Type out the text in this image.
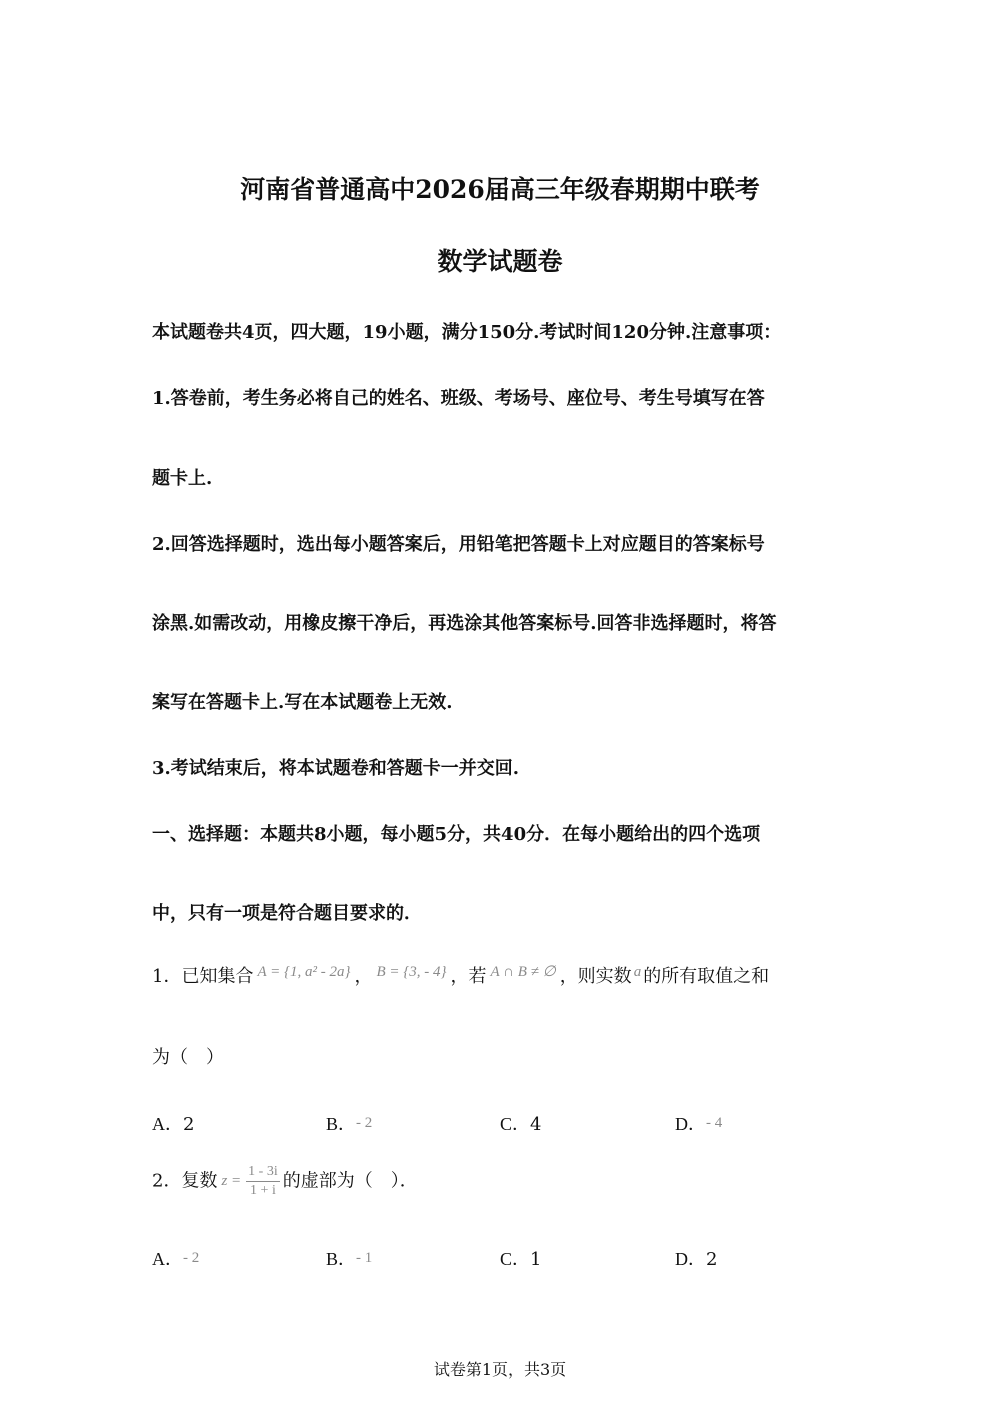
河南省普通高中2026届高三年级春期期中联考
数学试题卷
本试题卷共4页，四大题，19小题，满分150分.考试时间120分钟.注意事项：
1.答卷前，考生务必将自己的姓名、班级、考场号、座位号、考生号填写在答
题卡上.
2.回答选择题时，选出每小题答案后，用铅笔把答题卡上对应题目的答案标号
涂黑.如需改动，用橡皮擦干净后，再选涂其他答案标号.回答非选择题时，将答
案写在答题卡上.写在本试题卷上无效.
3.考试结束后，将本试题卷和答题卡一并交回.
一、选择题：本题共8小题，每小题5分，共40分．在每小题给出的四个选项
中，只有一项是符合题目要求的．
1．已知集合 A = {1, a² - 2a} ， B = {3, - 4} ，若 A ∩ B ≠ ∅ ，则实数 a 的所有取值之和
为（　）
A．2	B．- 2	C．4	D．- 4
2．复数 $z = \frac{1 - 3i}{1 + i}$ 的虚部为（　）．
A．- 2	B．- 1	C．1	D．2
试卷第1页，共3页
